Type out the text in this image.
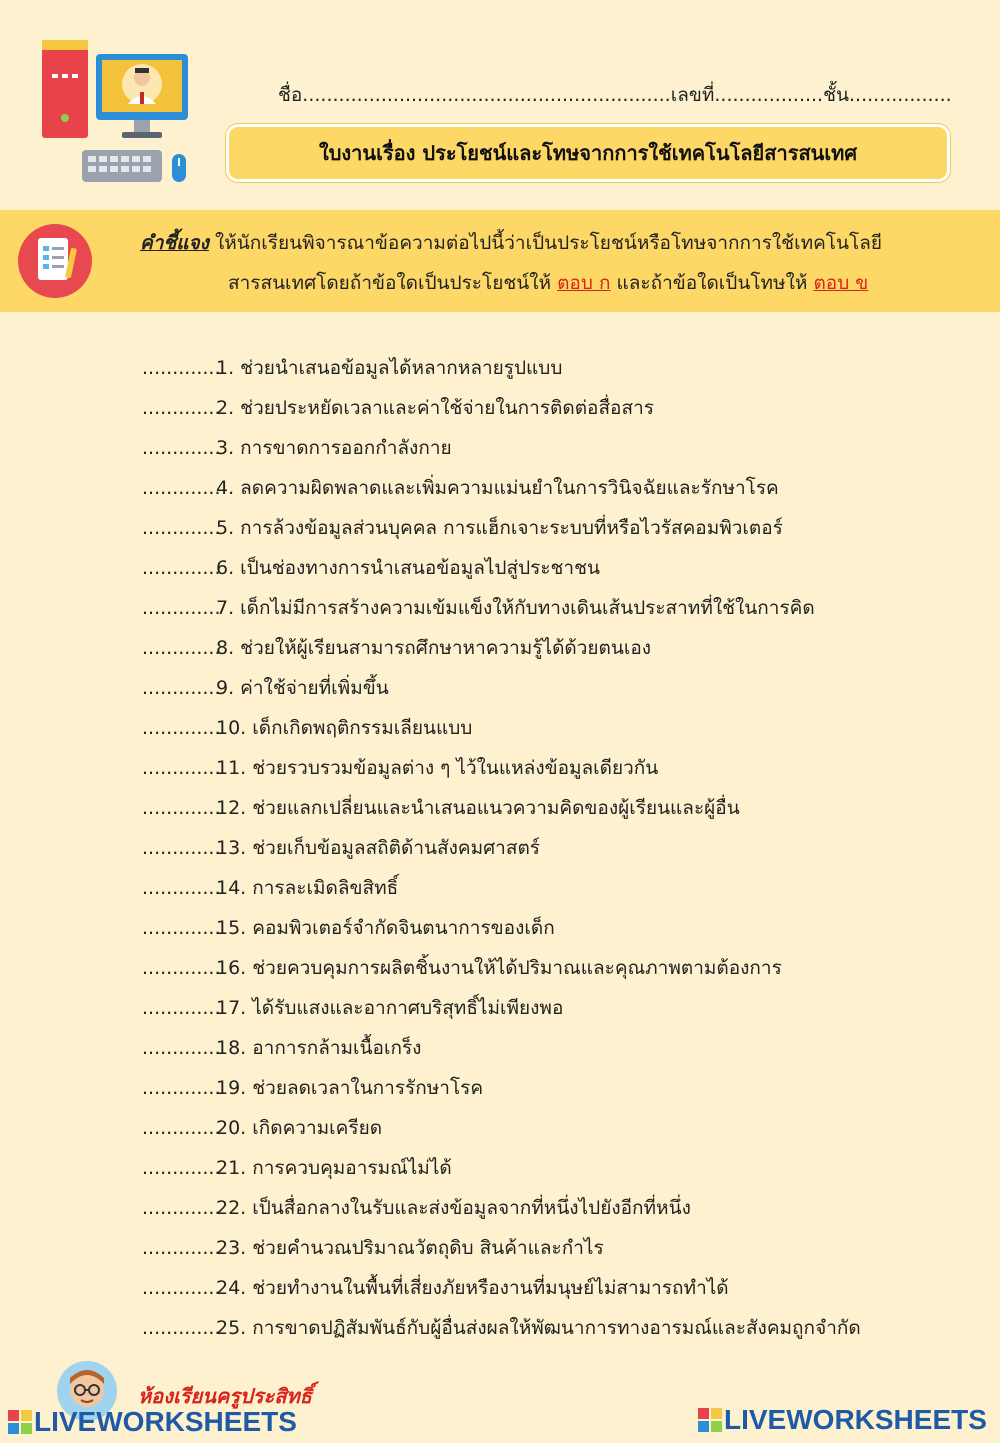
ชื่อ.............................................................เลขที่..................ชั้น.................
ใบงานเรื่อง ประโยชน์และโทษจากการใช้เทคโนโลยีสารสนเทศ
คำชี้แจง ให้นักเรียนพิจารณาข้อความต่อไปนี้ว่าเป็นประโยชน์หรือโทษจากการใช้เทคโนโลยี
สารสนเทศโดยถ้าข้อใดเป็นประโยชน์ให้ ตอบ ก และถ้าข้อใดเป็นโทษให้ ตอบ ข
.............1. ช่วยนำเสนอข้อมูลได้หลากหลายรูปแบบ
.............2. ช่วยประหยัดเวลาและค่าใช้จ่ายในการติดต่อสื่อสาร
.............3. การขาดการออกกำลังกาย
.............4. ลดความผิดพลาดและเพิ่มความแม่นยำในการวินิจฉัยและรักษาโรค
.............5. การล้วงข้อมูลส่วนบุคคล การแฮ็กเจาะระบบที่หรือไวรัสคอมพิวเตอร์
.............6. เป็นช่องทางการนำเสนอข้อมูลไปสู่ประชาชน
.............7. เด็กไม่มีการสร้างความเข้มแข็งให้กับทางเดินเส้นประสาทที่ใช้ในการคิด
.............8. ช่วยให้ผู้เรียนสามารถศึกษาหาความรู้ได้ด้วยตนเอง
.............9. ค่าใช้จ่ายที่เพิ่มขึ้น
.............10. เด็กเกิดพฤติกรรมเลียนแบบ
.............11. ช่วยรวบรวมข้อมูลต่าง ๆ ไว้ในแหล่งข้อมูลเดียวกัน
.............12. ช่วยแลกเปลี่ยนและนำเสนอแนวความคิดของผู้เรียนและผู้อื่น
.............13. ช่วยเก็บข้อมูลสถิติด้านสังคมศาสตร์
.............14. การละเมิดลิขสิทธิ์
.............15. คอมพิวเตอร์จำกัดจินตนาการของเด็ก
.............16. ช่วยควบคุมการผลิตชิ้นงานให้ได้ปริมาณและคุณภาพตามต้องการ
.............17. ได้รับแสงและอากาศบริสุทธิ์ไม่เพียงพอ
.............18. อาการกล้ามเนื้อเกร็ง
.............19. ช่วยลดเวลาในการรักษาโรค
.............20. เกิดความเครียด
.............21. การควบคุมอารมณ์ไม่ได้
.............22. เป็นสื่อกลางในรับและส่งข้อมูลจากที่หนึ่งไปยังอีกที่หนึ่ง
.............23. ช่วยคำนวณปริมาณวัตถุดิบ สินค้าและกำไร
.............24. ช่วยทำงานในพื้นที่เสี่ยงภัยหรืองานที่มนุษย์ไม่สามารถทำได้
.............25. การขาดปฏิสัมพันธ์กับผู้อื่นส่งผลให้พัฒนาการทางอารมณ์และสังคมถูกจำกัด
ห้องเรียนครูประสิทธิ์
LIVEWORKSHEETS	LIVEWORKSHEETS
